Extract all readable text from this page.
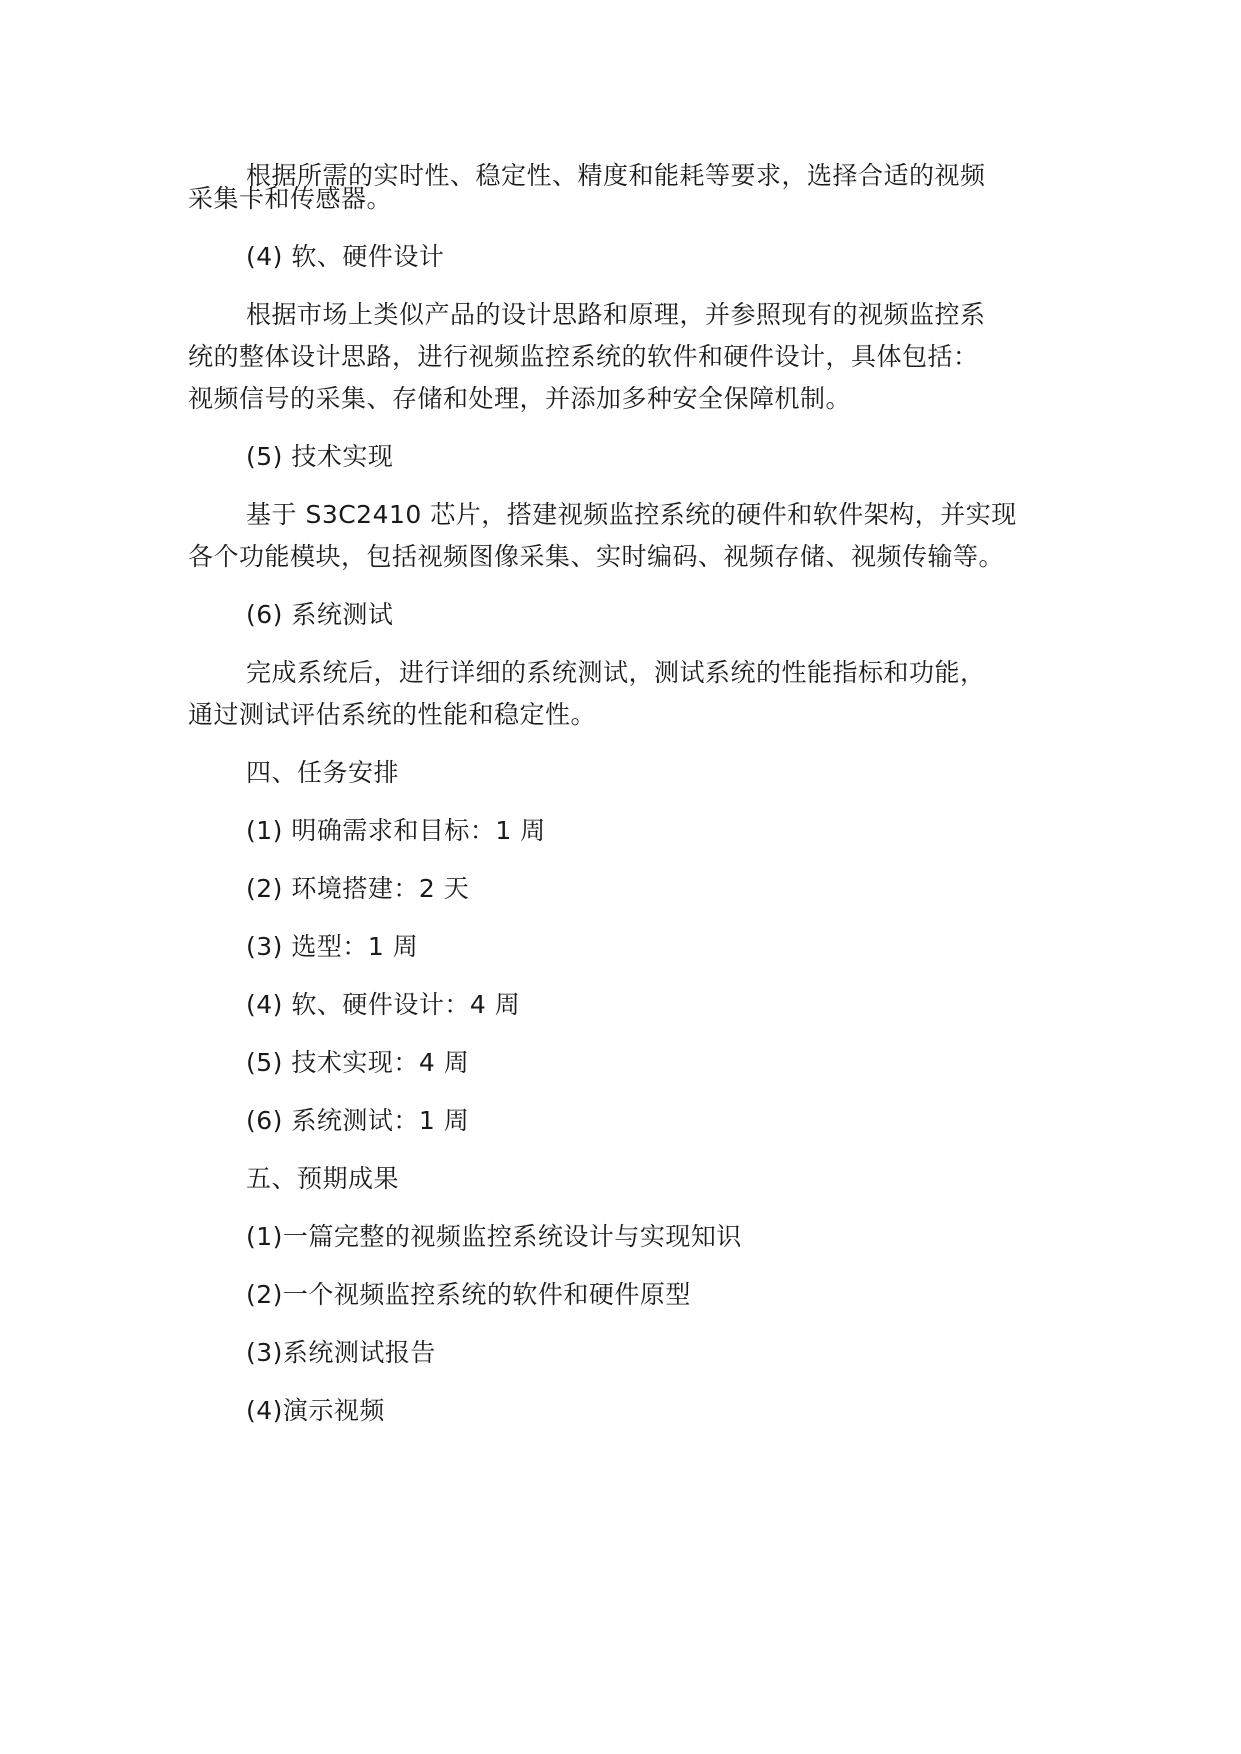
根据所需的实时性、稳定性、精度和能耗等要求，选择合适的视频
采集卡和传感器。
(4) 软、硬件设计
根据市场上类似产品的设计思路和原理，并参照现有的视频监控系
统的整体设计思路，进行视频监控系统的软件和硬件设计，具体包括：
视频信号的采集、存储和处理，并添加多种安全保障机制。
(5) 技术实现
基于 S3C2410 芯片，搭建视频监控系统的硬件和软件架构，并实现
各个功能模块，包括视频图像采集、实时编码、视频存储、视频传输等。
(6) 系统测试
完成系统后，进行详细的系统测试，测试系统的性能指标和功能，
通过测试评估系统的性能和稳定性。
四、任务安排
(1) 明确需求和目标：1 周
(2) 环境搭建：2 天
(3) 选型：1 周
(4) 软、硬件设计：4 周
(5) 技术实现：4 周
(6) 系统测试：1 周
五、预期成果
(1)一篇完整的视频监控系统设计与实现知识
(2)一个视频监控系统的软件和硬件原型
(3)系统测试报告
(4)演示视频
